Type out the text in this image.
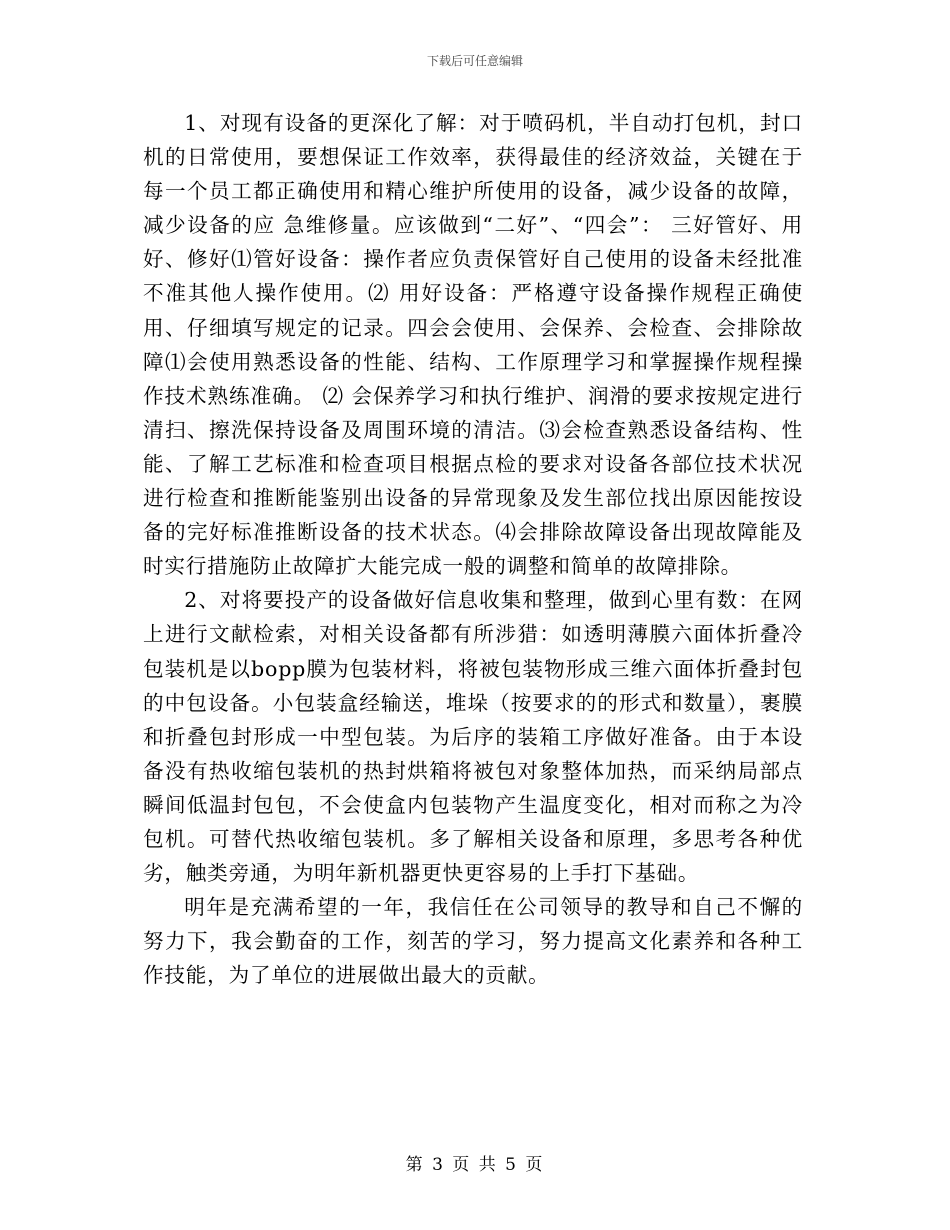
下载后可任意编辑

1、对现有设备的更深化了解：对于喷码机，半自动打包机，封口机的日常使用，要想保证工作效率，获得最佳的经济效益，关键在于每一个员工都正确使用和精心维护所使用的设备，减少设备的故障，减少设备的应 急维修量。应该做到“二好”、“四会”： 三好管好、用好、修好⑴管好设备：操作者应负责保管好自己使用的设备未经批准不准其他人操作使用。⑵ 用好设备：严格遵守设备操作规程正确使用、仔细填写规定的记录。四会会使用、会保养、会检查、会排除故障⑴会使用熟悉设备的性能、结构、工作原理学习和掌握操作规程操作技术熟练准确。 ⑵ 会保养学习和执行维护、润滑的要求按规定进行清扫、擦洗保持设备及周围环境的清洁。⑶会检查熟悉设备结构、性能、了解工艺标准和检查项目根据点检的要求对设备各部位技术状况进行检查和推断能鉴别出设备的异常现象及发生部位找出原因能按设备的完好标准推断设备的技术状态。⑷会排除故障设备出现故障能及时实行措施防止故障扩大能完成一般的调整和简单的故障排除。

2、对将要投产的设备做好信息收集和整理，做到心里有数：在网上进行文献检索，对相关设备都有所涉猎：如透明薄膜六面体折叠冷包装机是以bopp膜为包装材料，将被包装物形成三维六面体折叠封包的中包设备。小包装盒经输送，堆垛（按要求的的形式和数量），裹膜和折叠包封形成一中型包装。为后序的装箱工序做好准备。由于本设备没有热收缩包装机的热封烘箱将被包对象整体加热，而采纳局部点瞬间低温封包包，不会使盒内包装物产生温度变化，相对而称之为冷包机。可替代热收缩包装机。多了解相关设备和原理，多思考各种优劣，触类旁通，为明年新机器更快更容易的上手打下基础。

明年是充满希望的一年，我信任在公司领导的教导和自己不懈的努力下，我会勤奋的工作，刻苦的学习，努力提高文化素养和各种工作技能，为了单位的进展做出最大的贡献。

第 3 页 共 5 页
